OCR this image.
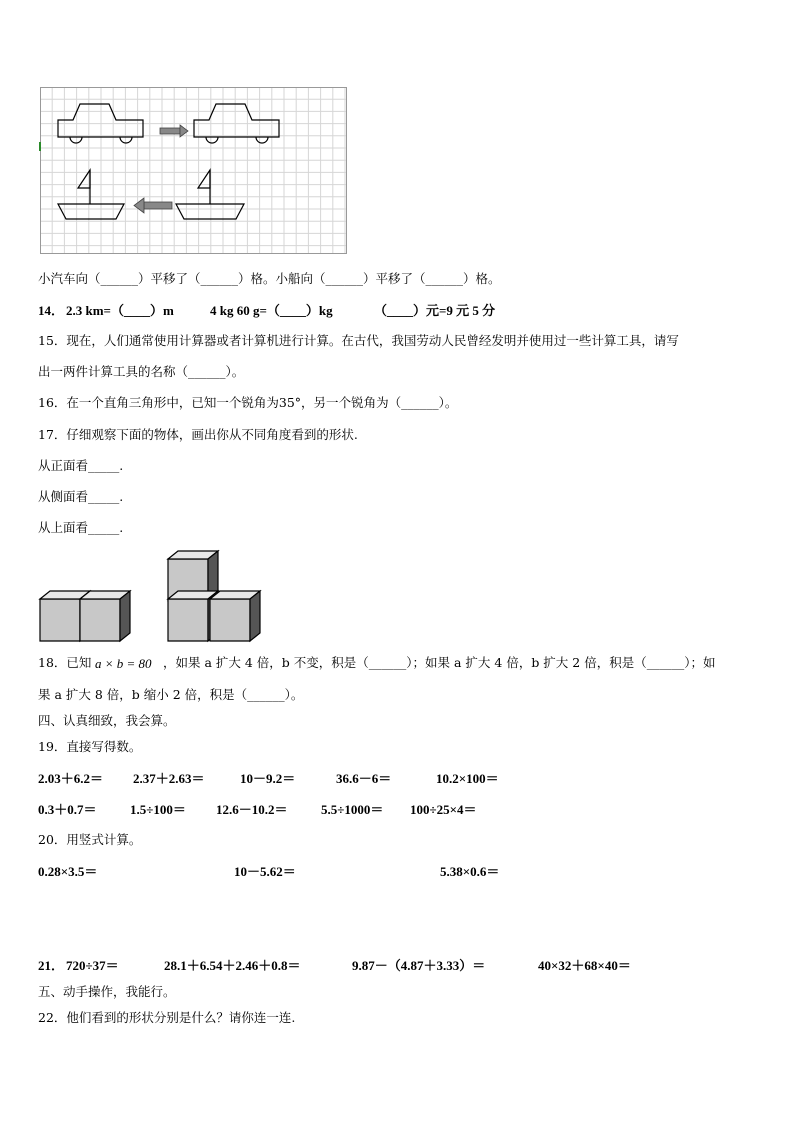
小汽车向（______）平移了（______）格。小船向（______）平移了（______）格。
14． 2.3 km=（____）m	4 kg 60 g=（____）kg	（____）元=9 元 5 分
15．现在，人们通常使用计算器或者计算机进行计算。在古代，我国劳动人民曾经发明并使用过一些计算工具，请写
出一两件计算工具的名称（______）。
16．在一个直角三角形中，已知一个锐角为35°，另一个锐角为（______）。
17．仔细观察下面的物体，画出你从不同角度看到的形状.
从正面看_____.
从侧面看_____.
从上面看_____.
18．已知 a × b = 80 ，如果 a 扩大 4 倍，b 不变，积是（______）；如果 a 扩大 4 倍，b 扩大 2 倍，积是（______）；如
果 a 扩大 8 倍，b 缩小 2 倍，积是（______）。
四、认真细致，我会算。
19．直接写得数。
2.03＋6.2＝ 2.37＋2.63＝	10－9.2＝	36.6－6＝	10.2×100＝
0.3＋0.7＝	1.5÷100＝ 12.6－10.2＝	5.5÷1000＝ 100÷25×4＝
20．用竖式计算。
0.28×3.5＝	10－5.62＝	5.38×0.6＝
21． 720÷37＝	28.1＋6.54＋2.46＋0.8＝	9.87－（4.87＋3.33）＝	40×32＋68×40＝
五、动手操作，我能行。
22．他们看到的形状分别是什么？请你连一连.
